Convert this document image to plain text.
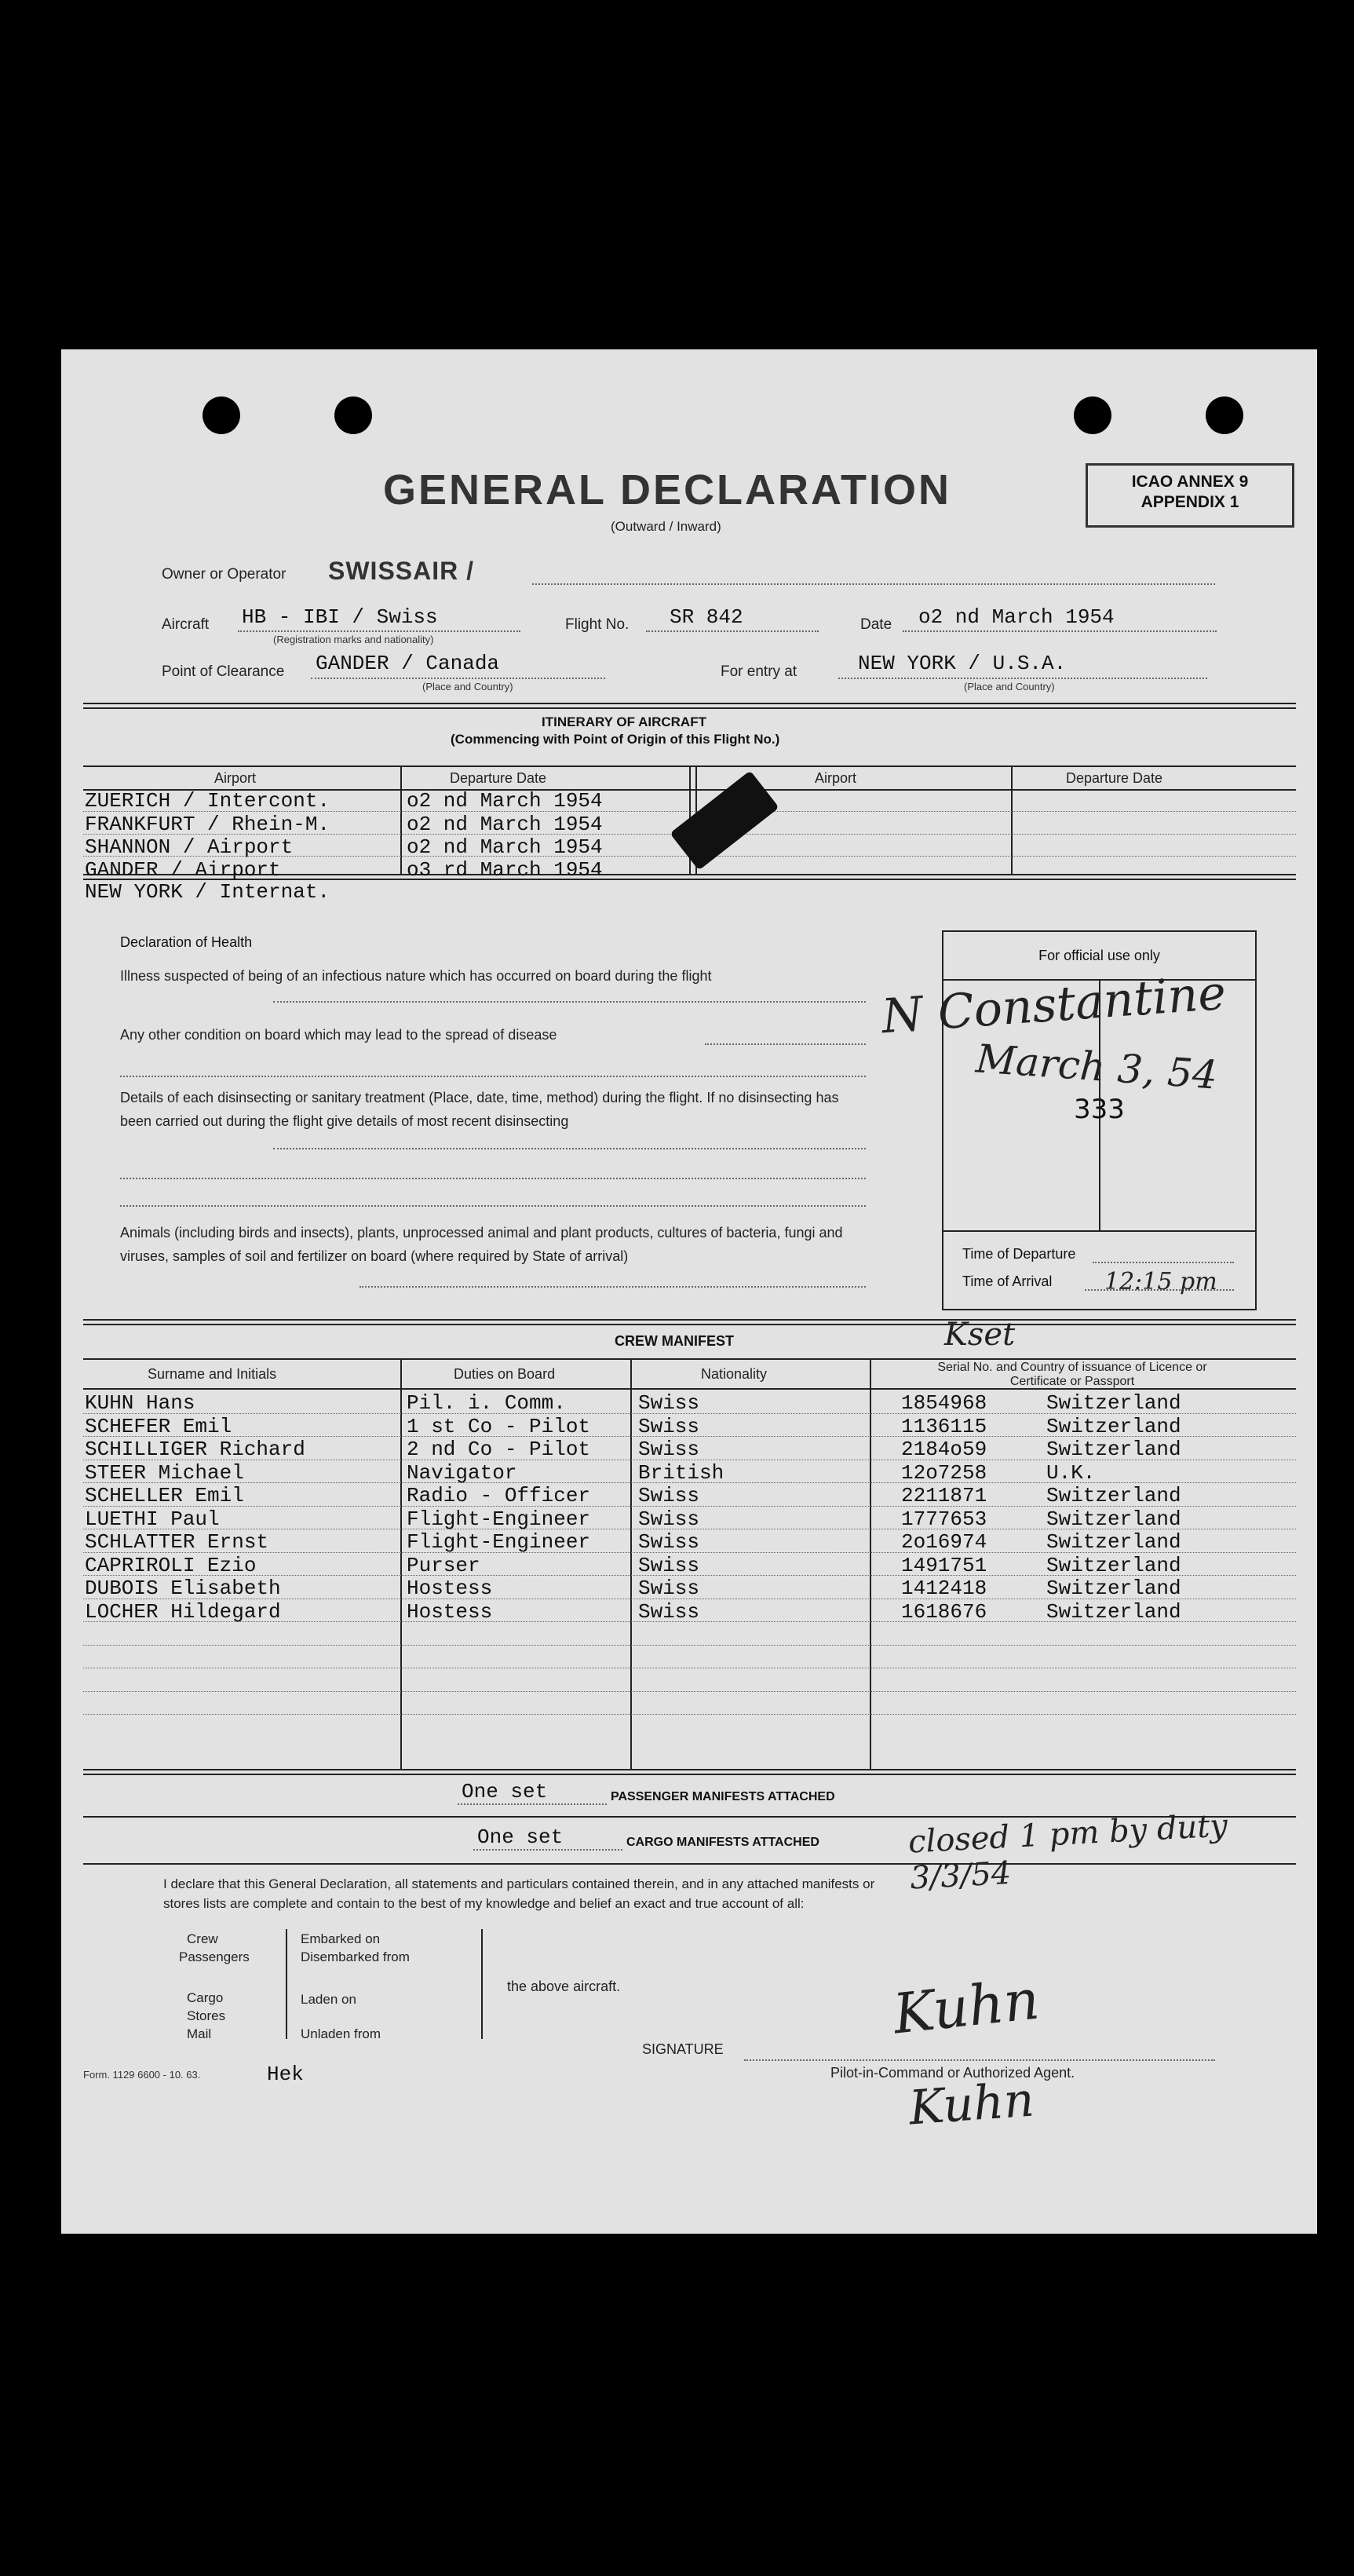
GENERAL DECLARATION
(Outward / Inward)
ICAO ANNEX 9
APPENDIX 1
Owner or Operator SWISSAIR /
Aircraft HB - IBI / Swiss
(Registration marks and nationality)
Flight No. SR 842	Date o2 nd March 1954
Point of Clearance GANDER / Canada
(Place and Country)
For entry at	NEW YORK / U.S.A.
(Place and Country)
ITINERARY OF AIRCRAFT
(Commencing with Point of Origin of this Flight No.)
Airport	Departure Date	Airport	Departure Date
ZUERICH / Intercont.	o2 nd March 1954
FRANKFURT / Rhein-M.	o2 nd March 1954
SHANNON / Airport	o2 nd March 1954
GANDER / Airport	o3 rd March 1954
NEW YORK / Internat.
Declaration of Health
Illness suspected of being of an infectious nature which has occurred on board during the flight
Any other condition on board which may lead to the spread of disease
Details of each disinsecting or sanitary treatment (Place, date, time, method) during the flight. If no disinsecting has been carried out during the flight give details of most recent disinsecting
Animals (including birds and insects), plants, unprocessed animal and plant products, cultures of bacteria, fungi and viruses, samples of soil and fertilizer on board (where required by State of arrival)
For official use only
Time of Departure
Time of Arrival 12:15 pm
N Constantine
March 3, 54
333
CREW MANIFEST	Kset
Surname and Initials	Duties on Board	Nationality	Serial No. and Country of issuance of Licence or Certificate or Passport
One set	PASSENGER MANIFESTS ATTACHED
One set	CARGO MANIFESTS ATTACHED	closed 1 pm by duty 3/3/54
I declare that this General Declaration, all statements and particulars contained therein, and in any attached manifests or
stores lists are complete and contain to the best of my knowledge and belief an exact and true account of all:
Crew
Passengers
Embarked on
Disembarked from
Cargo
Stores
Mail
Laden on
Unladen from
the above aircraft.	Kuhn
Kuhn
SIGNATURE
Pilot-in-Command or Authorized Agent.
Form. 1129 6600 - 10. 63.	Hek
KUHN Hans	Pil. i. Comm.	Swiss	1854968	Switzerland
SCHEFER Emil	1 st Co - Pilot Swiss	1136115	Switzerland
SCHILLIGER Richard	2 nd Co - Pilot Swiss	2184o59	Switzerland
STEER Michael	Navigator	British	12o7258	U.K.
SCHELLER Emil	Radio - Officer Swiss	2211871	Switzerland
LUETHI Paul	Flight-Engineer Swiss	1777653	Switzerland
SCHLATTER Ernst	Flight-Engineer Swiss	2o16974	Switzerland
CAPRIROLI Ezio	Purser	Swiss	1491751	Switzerland
DUBOIS Elisabeth	Hostess	Swiss	1412418	Switzerland
LOCHER Hildegard	Hostess	Swiss	1618676	Switzerland
